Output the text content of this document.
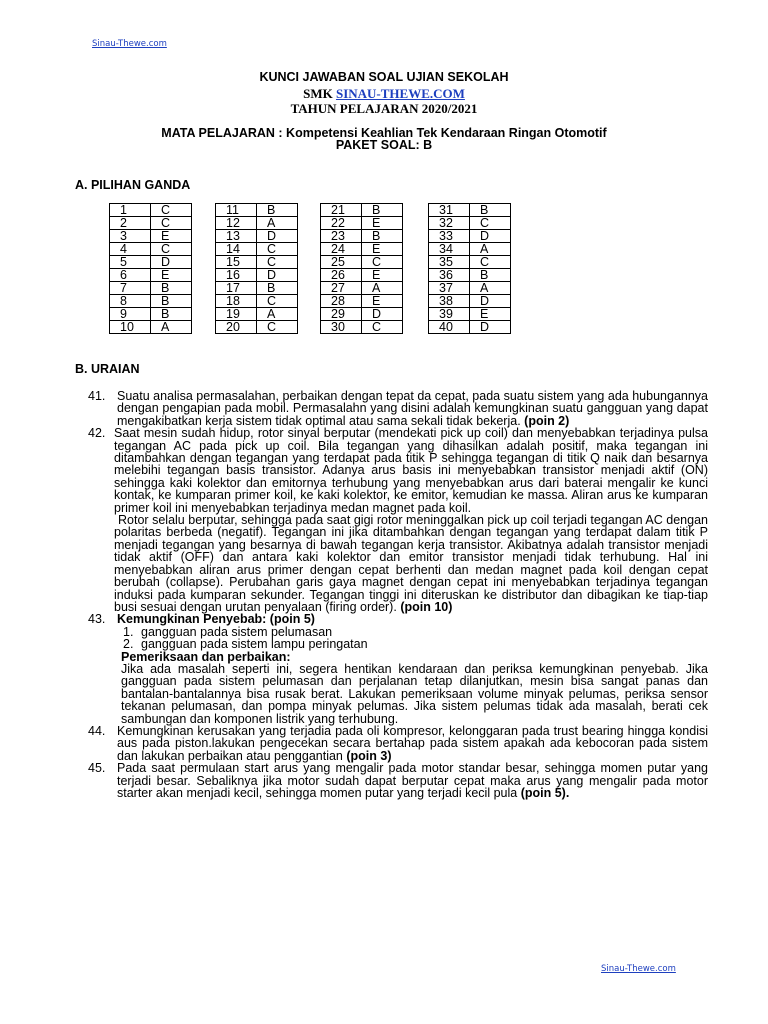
Sinau-Thewe.com
KUNCI JAWABAN SOAL UJIAN SEKOLAH
SMK SINAU-THEWE.COM
TAHUN PELAJARAN 2020/2021
MATA PELAJARAN : Kompetensi Keahlian Tek Kendaraan Ringan Otomotif
PAKET SOAL: B
A. PILIHAN GANDA
1	C
2	C
3	E
4	C
5	D
6	E
7	B
8	B
9	B
10	A
11	B
12	A
13	D
14	C
15	C
16	D
17	B
18	C
19	A
20	C
21	B
22	E
23	B
24	E
25	C
26	E
27	A
28	E
29	D
30	C
31	B
32	C
33	D
34	A
35	C
36	B
37	A
38	D
39	E
40	D
B. URAIAN
41. Suatu analisa permasalahan, perbaikan dengan tepat da cepat, pada suatu sistem yang ada hubungannya dengan pengapian pada mobil. Permasalahn yang disini adalah kemungkinan suatu gangguan yang dapat mengakibatkan kerja sistem tidak optimal atau sama sekali tidak bekerja. (poin 2)
42. Saat mesin sudah hidup, rotor sinyal berputar (mendekati pick up coil) dan menyebabkan terjadinya pulsa tegangan AC pada pick up coil. Bila tegangan yang dihasilkan adalah positif, maka tegangan ini ditambahkan dengan tegangan yang terdapat pada titik P sehingga tegangan di titik Q naik dan besarnya melebihi tegangan basis transistor. Adanya arus basis ini menyebabkan transistor menjadi aktif (ON) sehingga kaki kolektor dan emitornya terhubung yang menyebabkan arus dari baterai mengalir ke kunci kontak, ke kumparan primer koil, ke kaki kolektor, ke emitor, kemudian ke massa. Aliran arus ke kumparan primer koil ini menyebabkan terjadinya medan magnet pada koil.
Rotor selalu berputar, sehingga pada saat gigi rotor meninggalkan pick up coil terjadi tegangan AC dengan polaritas berbeda (negatif). Tegangan ini jika ditambahkan dengan tegangan yang terdapat dalam titik P menjadi tegangan yang besarnya di bawah tegangan kerja transistor. Akibatnya adalah transistor menjadi tidak aktif (OFF) dan antara kaki kolektor dan emitor transistor menjadi tidak terhubung. Hal ini menyebabkan aliran arus primer dengan cepat berhenti dan medan magnet pada koil dengan cepat berubah (collapse). Perubahan garis gaya magnet dengan cepat ini menyebabkan terjadinya tegangan induksi pada kumparan sekunder. Tegangan tinggi ini diteruskan ke distributor dan dibagikan ke tiap-tiap busi sesuai dengan urutan penyalaan (firing order). (poin 10)
43. Kemungkinan Penyebab: (poin 5)
1. gangguan pada sistem pelumasan
2. gangguan pada sistem lampu peringatan
Pemeriksaan dan perbaikan:
Jika ada masalah seperti ini, segera hentikan kendaraan dan periksa kemungkinan penyebab. Jika gangguan pada sistem pelumasan dan perjalanan tetap dilanjutkan, mesin bisa sangat panas dan bantalan-bantalannya bisa rusak berat. Lakukan pemeriksaan volume minyak pelumas, periksa sensor tekanan pelumasan, dan pompa minyak pelumas. Jika sistem pelumas tidak ada masalah, berati cek sambungan dan komponen listrik yang terhubung.
44. Kemungkinan kerusakan yang terjadia pada oli kompresor, kelonggaran pada trust bearing hingga kondisi aus pada piston.lakukan pengecekan secara bertahap pada sistem apakah ada kebocoran pada sistem dan lakukan perbaikan atau penggantian (poin 3)
45. Pada saat permulaan start arus yang mengalir pada motor standar besar, sehingga momen putar yang terjadi besar. Sebaliknya jika motor sudah dapat berputar cepat maka arus yang mengalir pada motor starter akan menjadi kecil, sehingga momen putar yang terjadi kecil pula (poin 5).
Sinau-Thewe.com
